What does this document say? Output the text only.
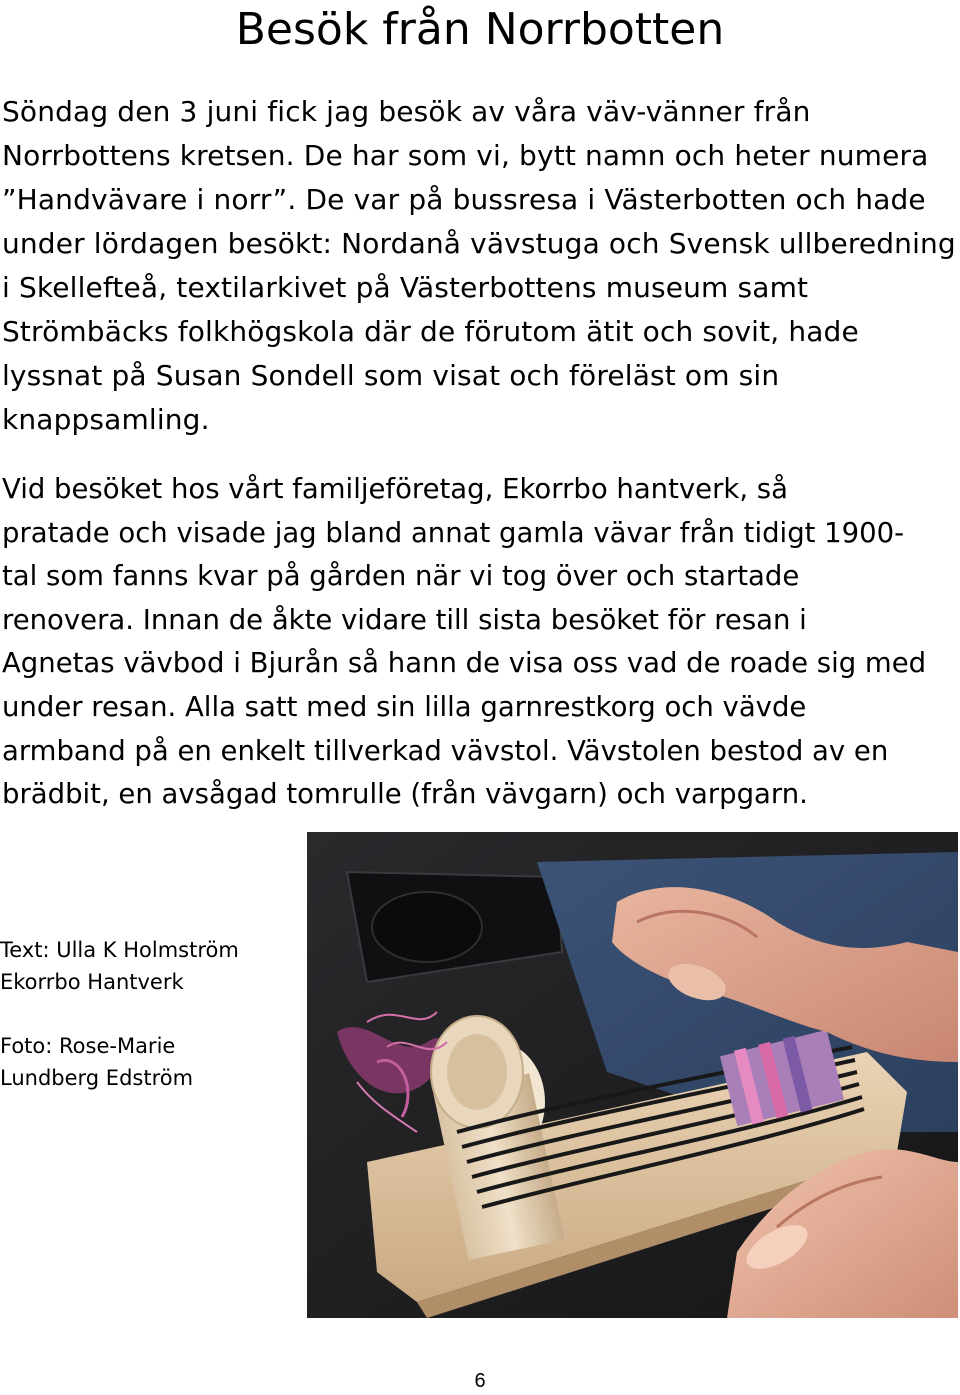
Besök från Norrbotten
Söndag den 3 juni fick jag besök av våra väv-vänner från
Norrbottens kretsen. De har som vi, bytt namn och heter numera
”Handvävare i norr”. De var på bussresa i Västerbotten och hade
under lördagen besökt: Nordanå vävstuga och Svensk ullberedning
i Skellefteå, textilarkivet på Västerbottens museum samt
Strömbäcks folkhögskola där de förutom ätit och sovit, hade
lyssnat på Susan Sondell som visat och föreläst om sin
knappsamling.
Vid besöket hos vårt familjeföretag, Ekorrbo hantverk, så
pratade och visade jag bland annat gamla vävar från tidigt 1900-
tal som fanns kvar på gården när vi tog över och startade
renovera. Innan de åkte vidare till sista besöket för resan i
Agnetas vävbod i Bjurån så hann de visa oss vad de roade sig med
under resan. Alla satt med sin lilla garnrestkorg och vävde
armband på en enkelt tillverkad vävstol. Vävstolen bestod av en
brädbit, en avsågad tomrulle (från vävgarn) och varpgarn.
Text: Ulla K Holmström
Ekorrbo Hantverk
Foto: Rose-Marie
Lundberg Edström
6
